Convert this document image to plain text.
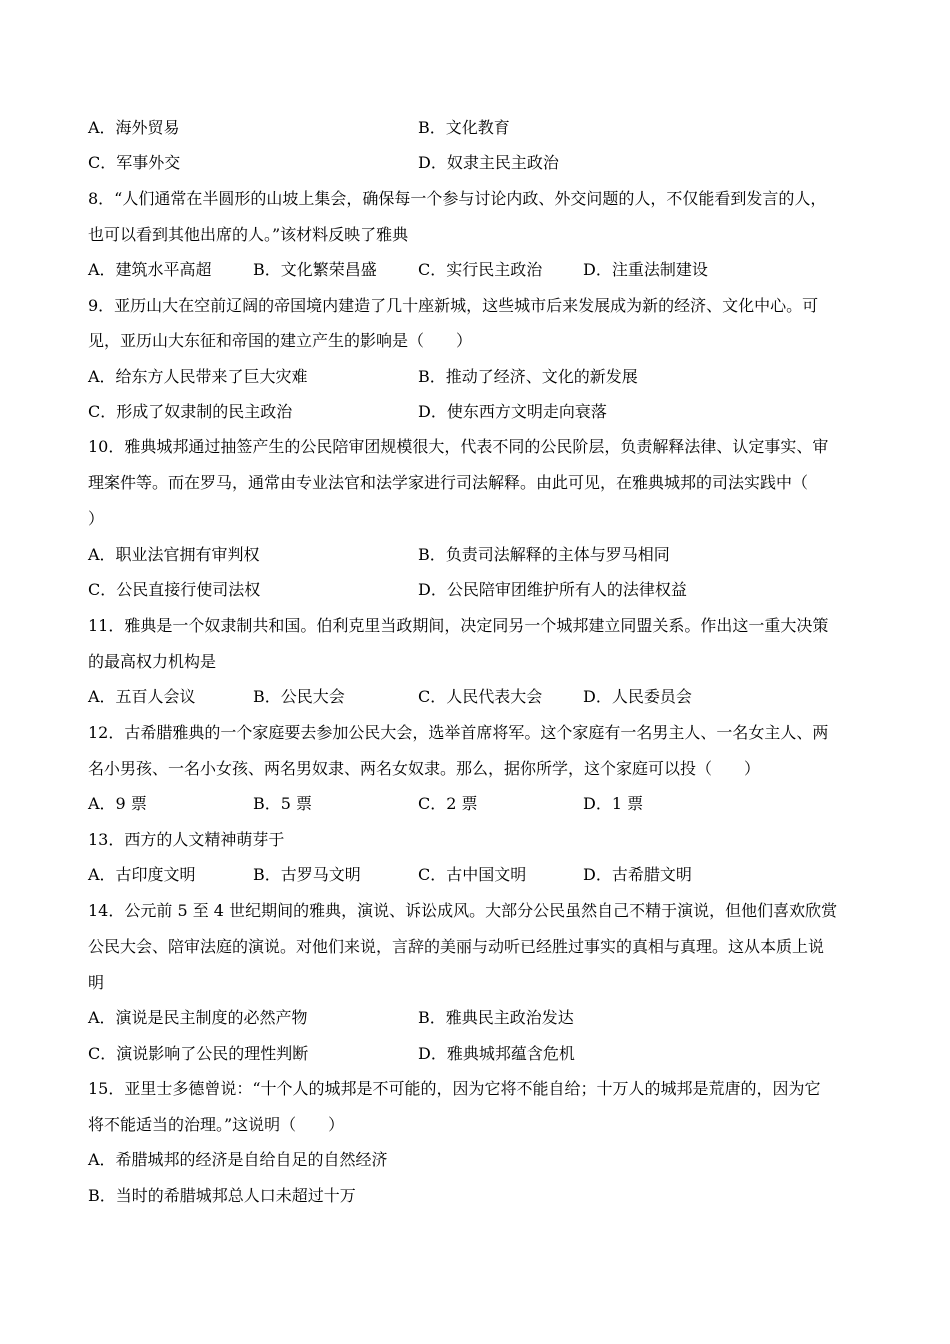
A．海外贸易	B．文化教育
C．军事外交	D．奴隶主民主政治
8．“人们通常在半圆形的山坡上集会，确保每一个参与讨论内政、外交问题的人，不仅能看到发言的人，
也可以看到其他出席的人。”该材料反映了雅典
A．建筑水平高超	B．文化繁荣昌盛	C．实行民主政治	D．注重法制建设
9．亚历山大在空前辽阔的帝国境内建造了几十座新城，这些城市后来发展成为新的经济、文化中心。可
见，亚历山大东征和帝国的建立产生的影响是（　　）
A．给东方人民带来了巨大灾难	B．推动了经济、文化的新发展
C．形成了奴隶制的民主政治	D．使东西方文明走向衰落
10．雅典城邦通过抽签产生的公民陪审团规模很大，代表不同的公民阶层，负责解释法律、认定事实、审
理案件等。而在罗马，通常由专业法官和法学家进行司法解释。由此可见，在雅典城邦的司法实践中（
）
A．职业法官拥有审判权	B．负责司法解释的主体与罗马相同
C．公民直接行使司法权	D．公民陪审团维护所有人的法律权益
11．雅典是一个奴隶制共和国。伯利克里当政期间，决定同另一个城邦建立同盟关系。作出这一重大决策
的最高权力机构是
A．五百人会议	B．公民大会	C．人民代表大会	D．人民委员会
12．古希腊雅典的一个家庭要去参加公民大会，选举首席将军。这个家庭有一名男主人、一名女主人、两
名小男孩、一名小女孩、两名男奴隶、两名女奴隶。那么，据你所学，这个家庭可以投（　　）
A．9 票	B．5 票	C．2 票	D．1 票
13．西方的人文精神萌芽于
A．古印度文明	B．古罗马文明	C．古中国文明	D．古希腊文明
14．公元前 5 至 4 世纪期间的雅典，演说、诉讼成风。大部分公民虽然自己不精于演说，但他们喜欢欣赏
公民大会、陪审法庭的演说。对他们来说，言辞的美丽与动听已经胜过事实的真相与真理。这从本质上说
明
A．演说是民主制度的必然产物	B．雅典民主政治发达
C．演说影响了公民的理性判断	D．雅典城邦蕴含危机
15．亚里士多德曾说：“十个人的城邦是不可能的，因为它将不能自给；十万人的城邦是荒唐的，因为它
将不能适当的治理。”这说明（　　）
A．希腊城邦的经济是自给自足的自然经济
B．当时的希腊城邦总人口未超过十万
